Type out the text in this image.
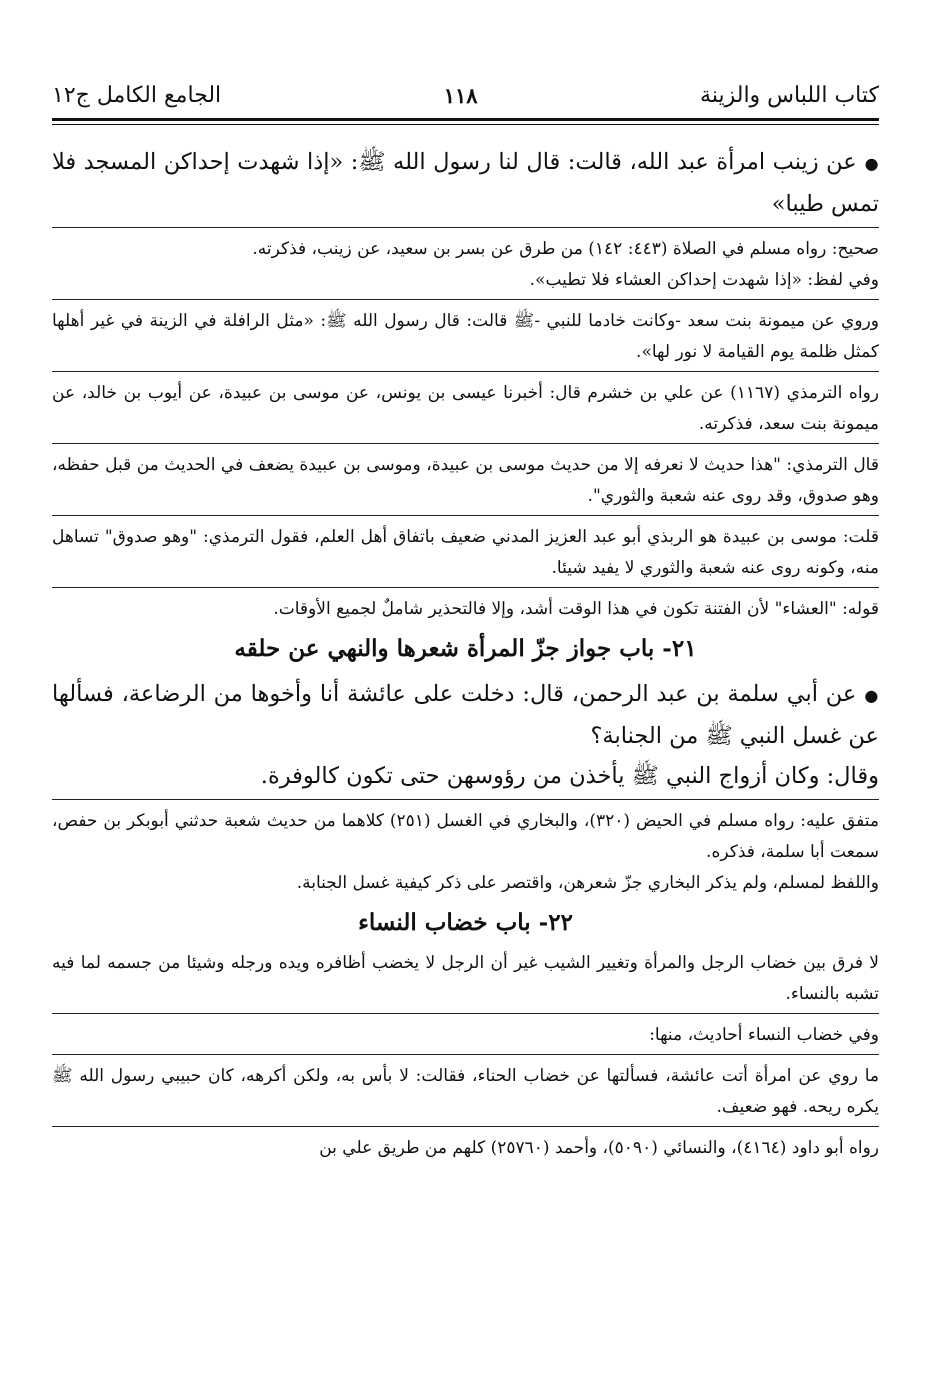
كتاب اللباس والزينة
١١٨
الجامع الكامل ج١٢

●عن زينب امرأة عبد الله، قالت: قال لنا رسول الله ﷺ: «إذا شهدت إحداكن المسجد فلا تمس طيبا»

صحيح: رواه مسلم في الصلاة (٤٤٣: ١٤٢) من طرق عن بسر بن سعيد، عن زينب، فذكرته.

وفي لفظ: «إذا شهدت إحداكن العشاء فلا تطيب».

وروي عن ميمونة بنت سعد -وكانت خادما للنبي -ﷺ قالت: قال رسول الله ﷺ: «مثل الرافلة في الزينة في غير أهلها كمثل ظلمة يوم القيامة لا نور لها».

رواه الترمذي (١١٦٧) عن علي بن خشرم قال: أخبرنا عيسى بن يونس، عن موسى بن عبيدة، عن أيوب بن خالد، عن ميمونة بنت سعد، فذكرته.

قال الترمذي: "هذا حديث لا نعرفه إلا من حديث موسى بن عبيدة، وموسى بن عبيدة يضعف في الحديث من قبل حفظه، وهو صدوق، وقد روى عنه شعبة والثوري".

قلت: موسى بن عبيدة هو الربذي أبو عبد العزيز المدني ضعيف باتفاق أهل العلم، فقول الترمذي: "وهو صدوق" تساهل منه، وكونه روى عنه شعبة والثوري لا يفيد شيئا.

قوله: "العشاء" لأن الفتنة تكون في هذا الوقت أشد، وإلا فالتحذير شاملٌ لجميع الأوقات.

٢١- باب جواز جزّ المرأة شعرها والنهي عن حلقه

●عن أبي سلمة بن عبد الرحمن، قال: دخلت على عائشة أنا وأخوها من الرضاعة، فسألها عن غسل النبي ﷺ من الجنابة؟

وقال: وكان أزواج النبي ﷺ يأخذن من رؤوسهن حتى تكون كالوفرة.

متفق عليه: رواه مسلم في الحيض (٣٢٠)، والبخاري في الغسل (٢٥١) كلاهما من حديث شعبة حدثني أبوبكر بن حفص، سمعت أبا سلمة، فذكره.

واللفظ لمسلم، ولم يذكر البخاري جزّ شعرهن، واقتصر على ذكر كيفية غسل الجنابة.

٢٢- باب خضاب النساء

لا فرق بين خضاب الرجل والمرأة وتغيير الشيب غير أن الرجل لا يخضب أظافره ويده ورجله وشيئا من جسمه لما فيه تشبه بالنساء.

وفي خضاب النساء أحاديث، منها:

ما روي عن امرأة أتت عائشة، فسألتها عن خضاب الحناء، فقالت: لا بأس به، ولكن أكرهه، كان حبيبي رسول الله ﷺ يكره ريحه. فهو ضعيف.

رواه أبو داود (٤١٦٤)، والنسائي (٥٠٩٠)، وأحمد (٢٥٧٦٠) كلهم من طريق علي بن
